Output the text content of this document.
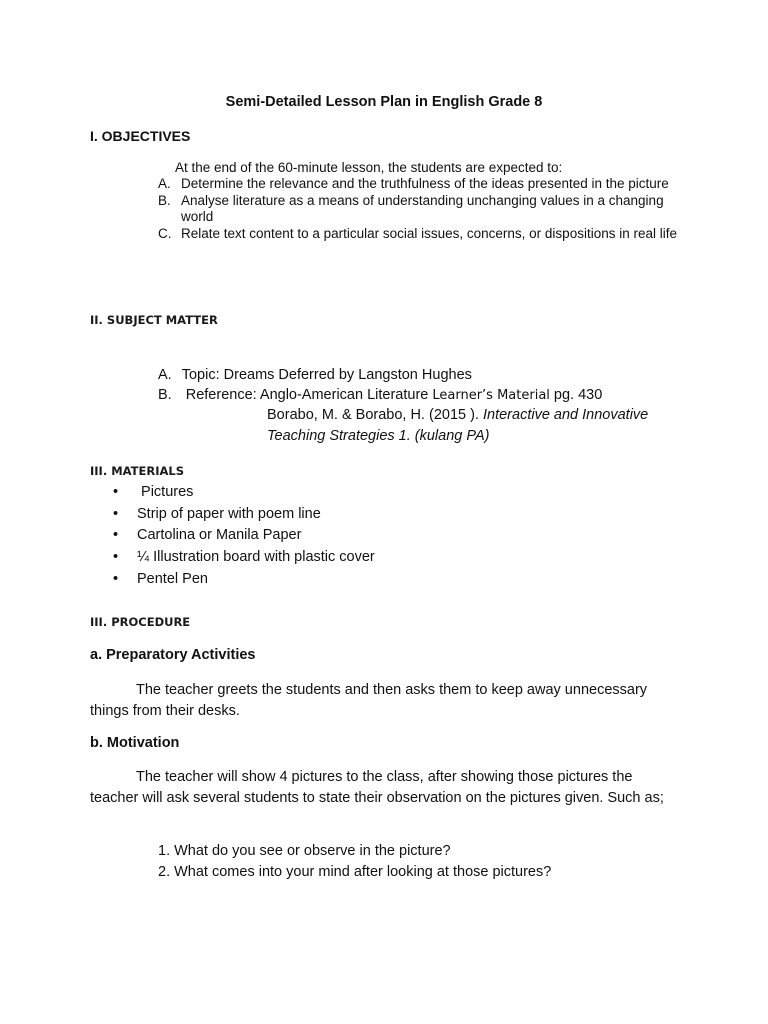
Semi-Detailed Lesson Plan in English Grade 8
I. OBJECTIVES
At the end of the 60-minute lesson, the students are expected to:
A. Determine the relevance and the truthfulness of the ideas presented in the picture
B. Analyse literature as a means of understanding unchanging values in a changing world
C. Relate text content to a particular social issues, concerns, or dispositions in real life
II. SUBJECT MATTER
A. Topic: Dreams Deferred by Langston Hughes
B. Reference: Anglo-American Literature Learner’s Material pg. 430
Borabo, M. & Borabo, H. (2015 ). Interactive and Innovative
Teaching Strategies 1. (kulang PA)
III. MATERIALS
• Pictures
• Strip of paper with poem line
• Cartolina or Manila Paper
• ¼ Illustration board with plastic cover
• Pentel Pen
III. PROCEDURE
a. Preparatory Activities

The teacher greets the students and then asks them to keep away unnecessary things from their desks.

b. Motivation

The teacher will show 4 pictures to the class, after showing those pictures the teacher will ask several students to state their observation on the pictures given. Such as;

1. What do you see or observe in the picture?
2. What comes into your mind after looking at those pictures?
